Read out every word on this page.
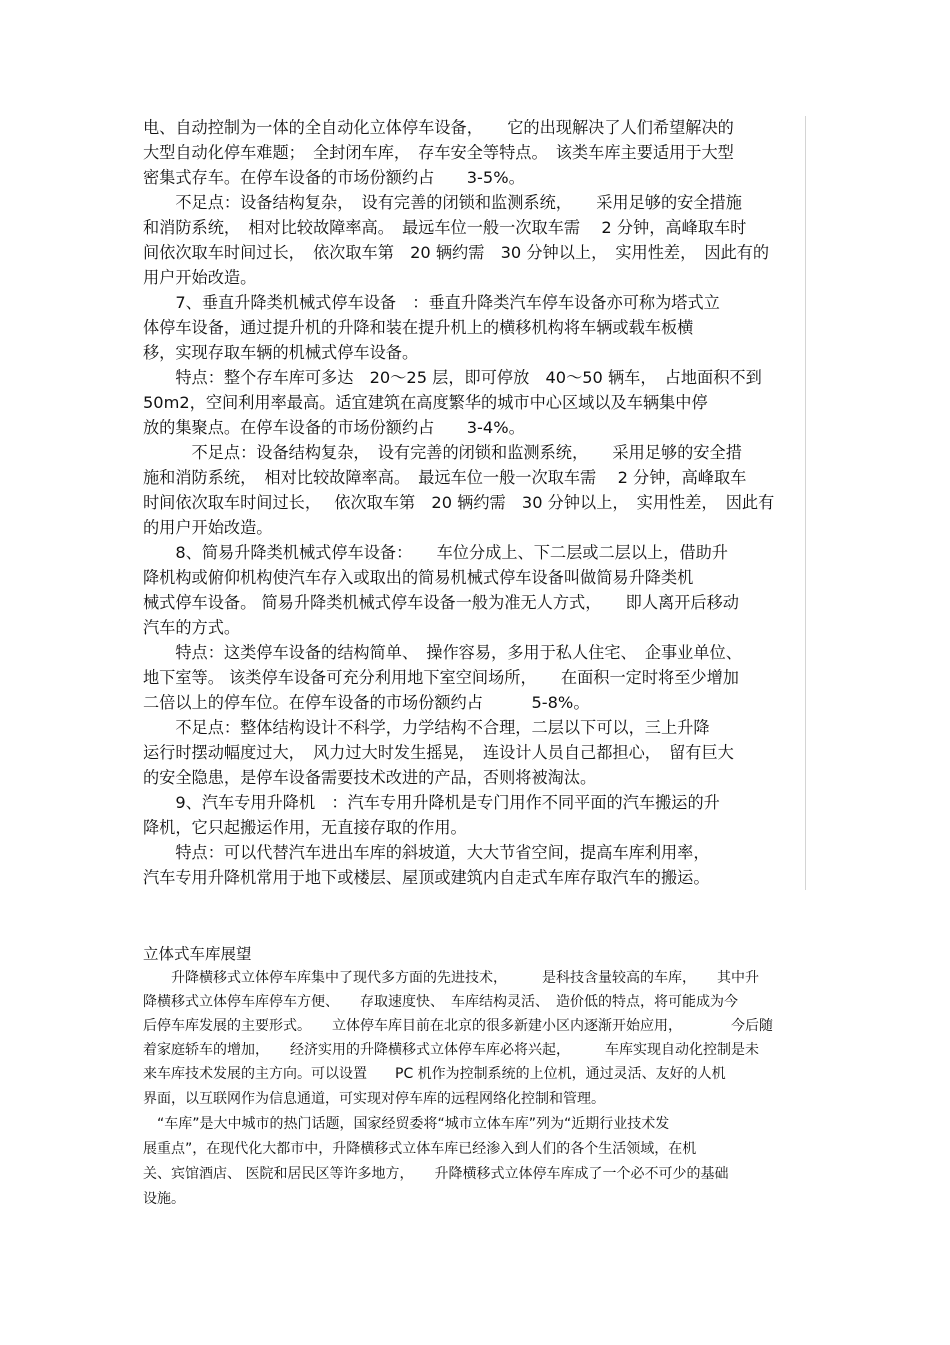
电、自动控制为一体的全自动化立体停车设备，　　它的出现解决了人们希望解决的
大型自动化停车难题；　全封闭车库，　存车安全等特点。　该类车库主要适用于大型
密集式存车。在停车设备的市场份额约占　　3-5%。
　　不足点：设备结构复杂，　设有完善的闭锁和监测系统，　　采用足够的安全措施
和消防系统，　相对比较故障率高。　最远车位一般一次取车需　 2 分钟，高峰取车时
间依次取车时间过长，　依次取车第　20 辆约需　30 分钟以上，　实用性差，　因此有的
用户开始改造。
　　7、垂直升降类机械式停车设备　：垂直升降类汽车停车设备亦可称为塔式立
体停车设备，通过提升机的升降和装在提升机上的横移机构将车辆或载车板横
移，实现存取车辆的机械式停车设备。
　　特点：整个存车库可多达　20～25 层，即可停放　40～50 辆车，　占地面积不到
50m2，空间利用率最高。适宜建筑在高度繁华的城市中心区域以及车辆集中停
放的集聚点。在停车设备的市场份额约占　　3-4%。
　　　不足点：设备结构复杂，　设有完善的闭锁和监测系统，　　采用足够的安全措
施和消防系统，　相对比较故障率高。　最远车位一般一次取车需　 2 分钟，高峰取车
时间依次取车时间过长，　 依次取车第　20 辆约需　30 分钟以上，　实用性差，　因此有
的用户开始改造。
　　8、简易升降类机械式停车设备：　　车位分成上、下二层或二层以上，借助升
降机构或俯仰机构使汽车存入或取出的简易机械式停车设备叫做简易升降类机
械式停车设备。 简易升降类机械式停车设备一般为准无人方式，　　即人离开后移动
汽车的方式。
　　特点：这类停车设备的结构简单、　操作容易，多用于私人住宅、　企事业单位、
地下室等。 该类停车设备可充分利用地下室空间场所，　　在面积一定时将至少增加
二倍以上的停车位。在停车设备的市场份额约占　　　5-8%。
　　不足点：整体结构设计不科学，力学结构不合理，二层以下可以，三上升降
运行时摆动幅度过大，　风力过大时发生摇晃，　连设计人员自己都担心，　留有巨大
的安全隐患，是停车设备需要技术改进的产品，否则将被淘汰。
　　9、汽车专用升降机　：汽车专用升降机是专门用作不同平面的汽车搬运的升
降机，它只起搬运作用，无直接存取的作用。
　　特点：可以代替汽车进出车库的斜坡道，大大节省空间，提高车库利用率，
汽车专用升降机常用于地下或楼层、屋顶或建筑内自走式车库存取汽车的搬运。
立体式车库展望
　　升降横移式立体停车库集中了现代多方面的先进技术，　　　是科技含量较高的车库，　　其中升
降横移式立体停车库停车方便、　　存取速度快、　车库结构灵活、　造价低的特点，将可能成为今
后停车库发展的主要形式。　　立体停车库目前在北京的很多新建小区内逐渐开始应用，　　　　今后随
着家庭轿车的增加，　　经济实用的升降横移式立体停车库必将兴起，　　　车库实现自动化控制是未
来车库技术发展的主方向。可以设置　　PC 机作为控制系统的上位机，通过灵活、友好的人机
界面，以互联网作为信息通道，可实现对停车库的远程网络化控制和管理。
　“车库”是大中城市的热门话题，国家经贸委将“城市立体车库”列为“近期行业技术发
展重点”，在现代化大都市中，升降横移式立体车库已经渗入到人们的各个生活领域，在机
关、宾馆酒店、 医院和居民区等许多地方，　　升降横移式立体停车库成了一个必不可少的基础
设施。
